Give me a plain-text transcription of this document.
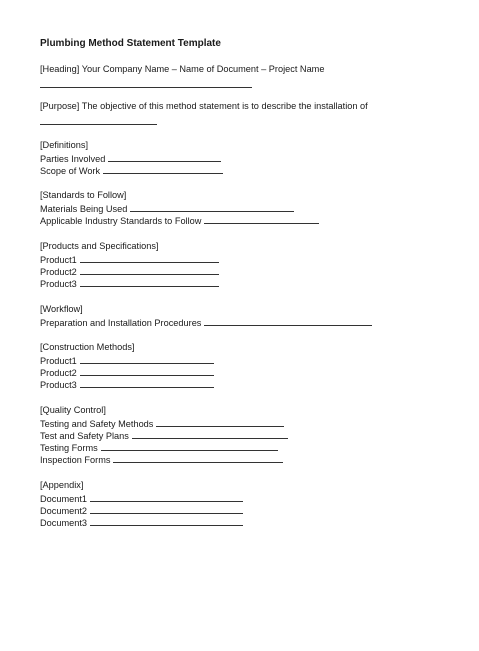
Plumbing Method Statement Template
[Heading] Your Company Name – Name of Document – Project Name
[Purpose] The objective of this method statement is to describe the installation of
[Definitions]
Parties Involved
Scope of Work
[Standards to Follow]
Materials Being Used
Applicable Industry Standards to Follow
[Products and Specifications]
Product1
Product2
Product3
[Workflow]
Preparation and Installation Procedures
[Construction Methods]
Product1
Product2
Product3
[Quality Control]
Testing and Safety Methods
Test and Safety Plans
Testing Forms
Inspection Forms
[Appendix]
Document1
Document2
Document3
